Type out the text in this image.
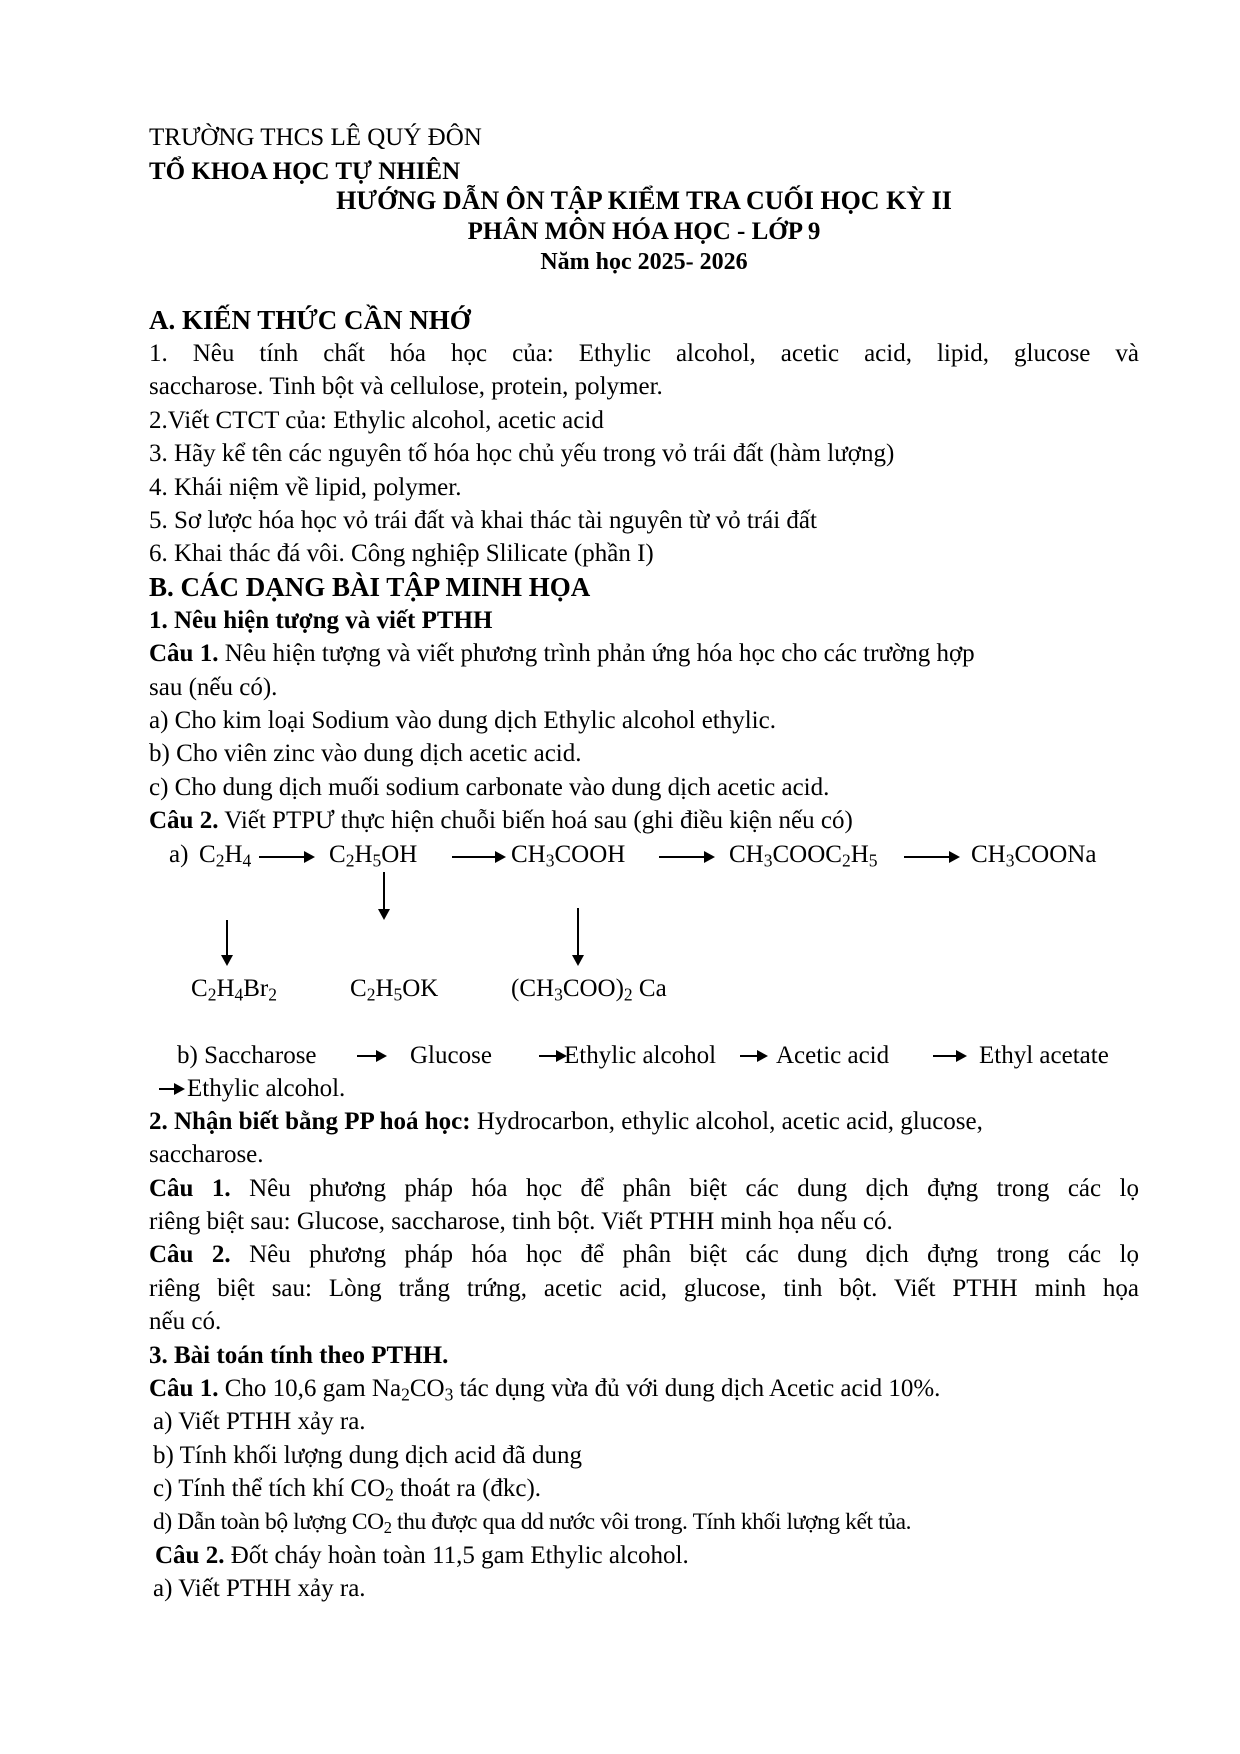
TRƯỜNG THCS LÊ QUÝ ĐÔN
TỔ KHOA HỌC TỰ NHIÊN
HƯỚNG DẪN ÔN TẬP KIỂM TRA CUỐI HỌC KỲ II
PHÂN MÔN HÓA HỌC - LỚP 9
Năm học 2025- 2026
A. KIẾN THỨC CẦN NHỚ
1. Nêu tính chất hóa học của: Ethylic alcohol, acetic acid, lipid, glucose và
saccharose. Tinh bột và cellulose, protein, polymer.
2.Viết CTCT của: Ethylic alcohol, acetic acid
3. Hãy kể tên các nguyên tố hóa học chủ yếu trong vỏ trái đất (hàm lượng)
4. Khái niệm về lipid, polymer.
5. Sơ lược hóa học vỏ trái đất và khai thác tài nguyên từ vỏ trái đất
6. Khai thác đá vôi. Công nghiệp Slilicate (phần I)
B. CÁC DẠNG BÀI TẬP MINH HỌA
1. Nêu hiện tượng và viết PTHH
Câu 1. Nêu hiện tượng và viết phương trình phản ứng hóa học cho các trường hợp
sau (nếu có).
a) Cho kim loại Sodium vào dung dịch Ethylic alcohol ethylic.
b) Cho viên zinc vào dung dịch acetic acid.
c) Cho dung dịch muối sodium carbonate vào dung dịch acetic acid.
Câu 2. Viết PTPƯ thực hiện chuỗi biến hoá sau (ghi điều kiện nếu có)
a) $C_2H_4$	$C_2H_5OH$	$CH_3COOH$	$CH_3COOC_2H_5$	$CH_3COONa$
$C_2H_4Br_2$	$C_2H_5OK$	$(CH_3COO)_2$ Ca
b) Saccharose	Glucose	Ethylic alcohol Acetic acid	Ethyl acetate
Ethylic alcohol.
2. Nhận biết bằng PP hoá học: Hydrocarbon, ethylic alcohol, acetic acid, glucose,
saccharose.
Câu 1. Nêu phương pháp hóa học để phân biệt các dung dịch đựng trong các lọ
riêng biệt sau: Glucose, saccharose, tinh bột. Viết PTHH minh họa nếu có.
Câu 2. Nêu phương pháp hóa học để phân biệt các dung dịch đựng trong các lọ
riêng biệt sau: Lòng trắng trứng, acetic acid, glucose, tinh bột. Viết PTHH minh họa
nếu có.
3. Bài toán tính theo PTHH.
Câu 1. Cho 10,6 gam $Na_2CO_3$ tác dụng vừa đủ với dung dịch Acetic acid 10%.
a) Viết PTHH xảy ra.
b) Tính khối lượng dung dịch acid đã dung
c) Tính thể tích khí $CO_2$ thoát ra (đkc).
d) Dẫn toàn bộ lượng $CO_2$ thu được qua dd nước vôi trong. Tính khối lượng kết tủa.
Câu 2. Đốt cháy hoàn toàn 11,5 gam Ethylic alcohol.
a) Viết PTHH xảy ra.
